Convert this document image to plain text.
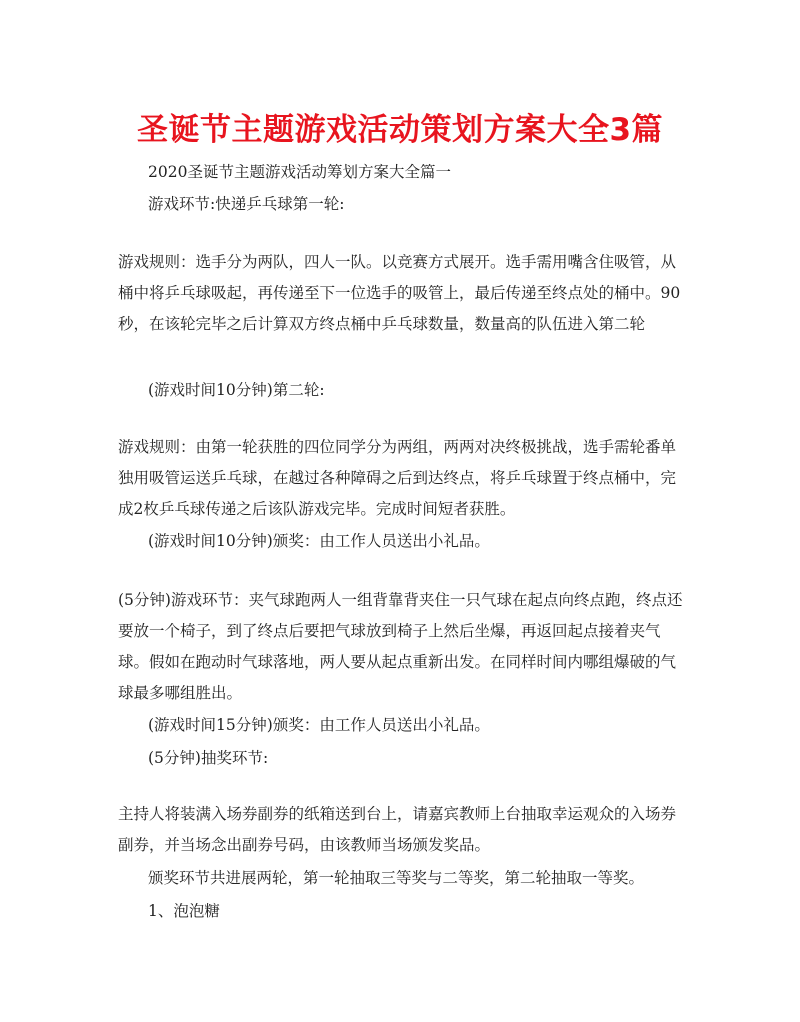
圣诞节主题游戏活动策划方案大全3篇
2020圣诞节主题游戏活动筹划方案大全篇一
游戏环节:快递乒乓球第一轮:
游戏规则：选手分为两队，四人一队。以竞赛方式展开。选手需用嘴含住吸管，从桶中将乒乓球吸起，再传递至下一位选手的吸管上，最后传递至终点处的桶中。90秒，在该轮完毕之后计算双方终点桶中乒乓球数量，数量高的队伍进入第二轮
(游戏时间10分钟)第二轮:
游戏规则：由第一轮获胜的四位同学分为两组，两两对决终极挑战，选手需轮番单独用吸管运送乒乓球，在越过各种障碍之后到达终点，将乒乓球置于终点桶中，完成2枚乒乓球传递之后该队游戏完毕。完成时间短者获胜。
(游戏时间10分钟)颁奖：由工作人员送出小礼品。
(5分钟)游戏环节：夹气球跑两人一组背靠背夹住一只气球在起点向终点跑，终点还要放一个椅子，到了终点后要把气球放到椅子上然后坐爆，再返回起点接着夹气球。假如在跑动时气球落地，两人要从起点重新出发。在同样时间内哪组爆破的气球最多哪组胜出。
(游戏时间15分钟)颁奖：由工作人员送出小礼品。
(5分钟)抽奖环节:
主持人将装满入场券副券的纸箱送到台上，请嘉宾教师上台抽取幸运观众的入场券副券，并当场念出副券号码，由该教师当场颁发奖品。
颁奖环节共进展两轮，第一轮抽取三等奖与二等奖，第二轮抽取一等奖。
1、泡泡糖
